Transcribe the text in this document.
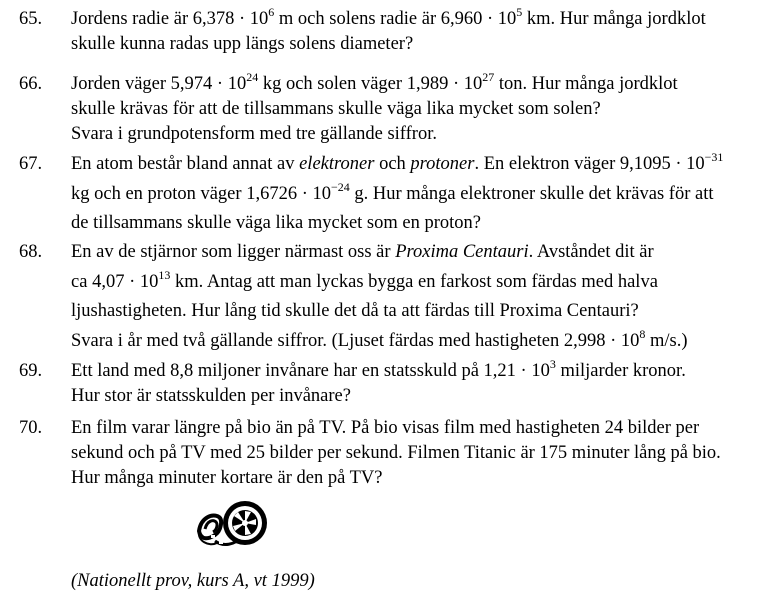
65. Jordens radie är $6,378 \cdot 10^6$ m och solens radie är $6,960 \cdot 10^5$ km. Hur många jordklot
skulle kunna radas upp längs solens diameter?
66. Jorden väger $5,974 \cdot 10^{24}$ kg och solen väger $1,989 \cdot 10^{27}$ ton. Hur många jordklot
skulle krävas för att de tillsammans skulle väga lika mycket som solen?
Svara i grundpotensform med tre gällande siffror.
67. En atom består bland annat av elektroner och protoner. En elektron väger $9,1095 \cdot 10^{-31}$
kg och en proton väger $1,6726 \cdot 10^{-24}$ g. Hur många elektroner skulle det krävas för att
de tillsammans skulle väga lika mycket som en proton?
68. En av de stjärnor som ligger närmast oss är Proxima Centauri. Avståndet dit är
ca $4,07 \cdot 10^{13}$ km. Antag att man lyckas bygga en farkost som färdas med halva
ljushastigheten. Hur lång tid skulle det då ta att färdas till Proxima Centauri?
Svara i år med två gällande siffror. (Ljuset färdas med hastigheten $2,998 \cdot 10^8$ m/s.)
69. Ett land med 8,8 miljoner invånare har en statsskuld på $1,21 \cdot 10^3$ miljarder kronor.
Hur stor är statsskulden per invånare?
70. En film varar längre på bio än på TV. På bio visas film med hastigheten 24 bilder per
sekund och på TV med 25 bilder per sekund. Filmen Titanic är 175 minuter lång på bio.
Hur många minuter kortare är den på TV?
(Nationellt prov, kurs A, vt 1999)
